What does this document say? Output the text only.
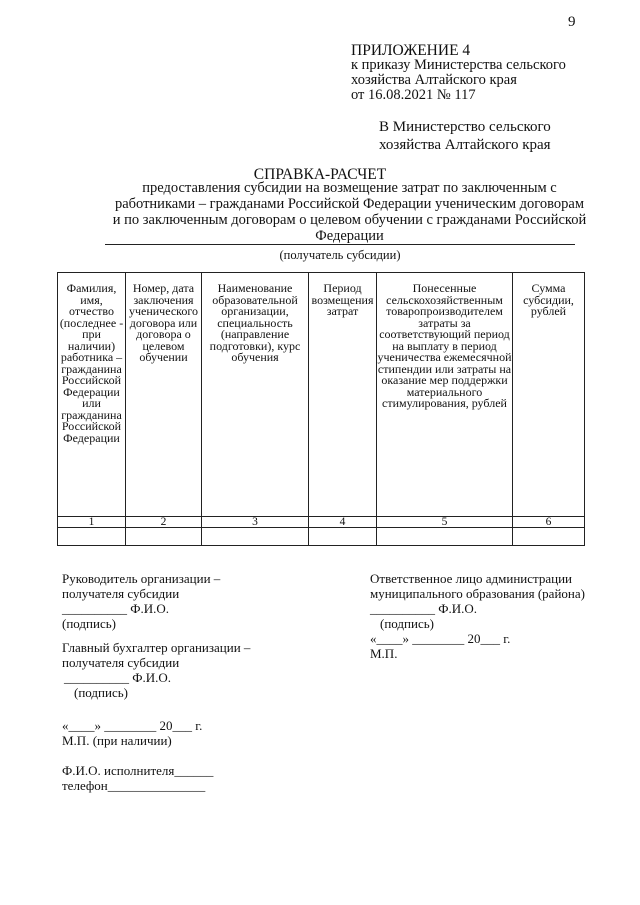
9
ПРИЛОЖЕНИЕ 4
к приказу Министерства сельского
хозяйства Алтайского края
от 16.08.2021 № 117
В Министерство сельского
хозяйства Алтайского края
СПРАВКА-РАСЧЕТ
предоставления субсидии на возмещение затрат по заключенным с работниками – гражданами Российской Федерации ученическим договорам и по заключенным договорам о целевом обучении с гражданами Российской Федерации
(получатель субсидии)
Фамилия, имя, отчество (последнее - при наличии) работника – гражданина Российской Федерации или гражданина Российской Федерации	Номер, дата заключения ученического договора или договора о целевом обучении	Наименование образовательной организации, специальность (направление подготовки), курс обучения	Период возмещения затрат	Понесенные сельскохозяйственным товаропроизводителем затраты за соответствующий период на выплату в период ученичества ежемесячной стипендии или затраты на оказание мер поддержки материального стимулирования, рублей	Сумма субсидии, рублей
1	2	3	4	5	6

Руководитель организации –
получателя субсидии
__________ Ф.И.О.
(подпись)
Главный бухгалтер организации –
получателя субсидии
__________ Ф.И.О.
(подпись)
«____» ________ 20___ г.
М.П. (при наличии)
Ф.И.О. исполнителя______
телефон_______________
Ответственное лицо администрации
муниципального образования (района)
__________ Ф.И.О.
(подпись)
«____» ________ 20___ г.
М.П.
